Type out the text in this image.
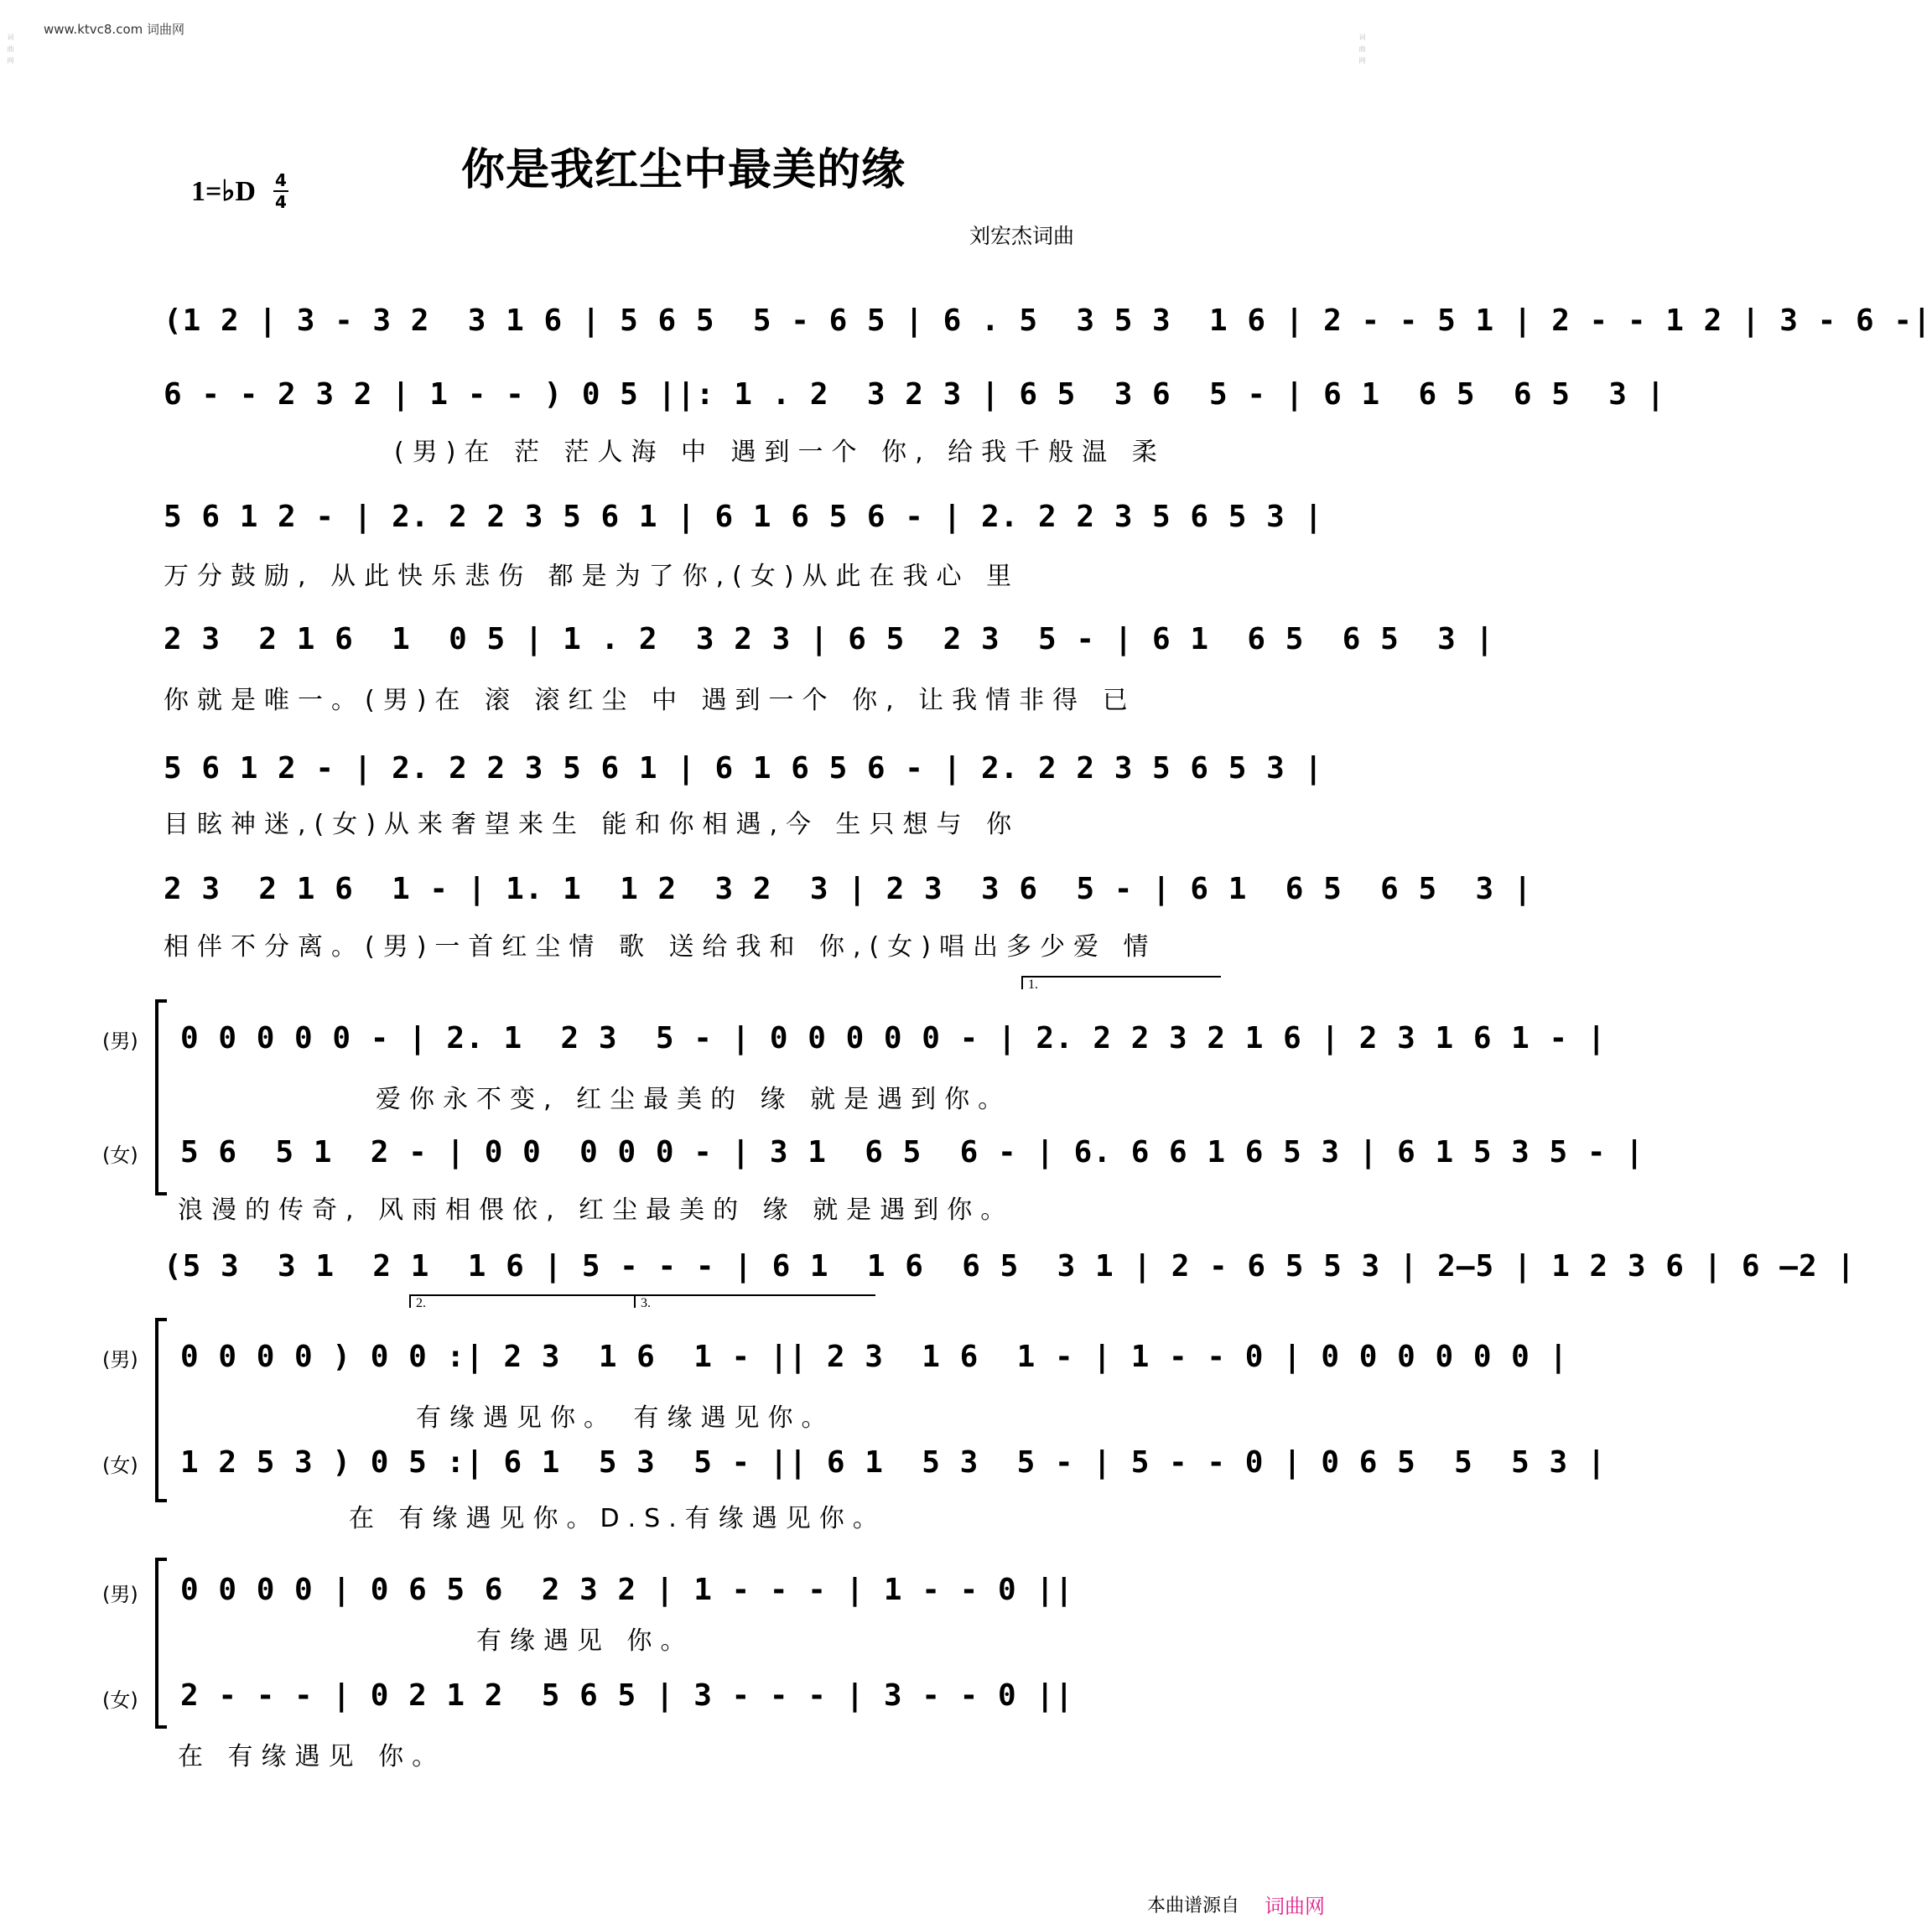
www.ktvc8.com 词曲网
词曲网	词曲网
你是我红尘中最美的缘
1=♭D 4
4
刘宏杰词曲
(1 2 | 3 - 3 2  3 1 6 | 5 6 5  5 - 6 5 | 6 . 5  3 5 3  1 6 | 2 - - 5 1 | 2 - - 1 2 | 3 - 6 -|
6 - - 2 3 2 | 1 - - ) 0 5 ||: 1 . 2  3 2 3 | 6 5  3 6  5 - | 6 1  6 5  6 5  3 |
(男)在 茫 茫人海 中 遇到一个 你, 给我千般温 柔
5 6 1 2 - | 2. 2 2 3 5 6 1 | 6 1 6 5 6 - | 2. 2 2 3 5 6 5 3 |
万分鼓励, 从此快乐悲伤 都是为了你,(女)从此在我心 里
2 3  2 1 6  1  0 5 | 1 . 2  3 2 3 | 6 5  2 3  5 - | 6 1  6 5  6 5  3 |
你就是唯一。(男)在 滚 滚红尘 中 遇到一个 你, 让我情非得 已
5 6 1 2 - | 2. 2 2 3 5 6 1 | 6 1 6 5 6 - | 2. 2 2 3 5 6 5 3 |
目眩神迷,(女)从来奢望来生 能和你相遇,今 生只想与 你
2 3  2 1 6  1 - | 1. 1  1 2  3 2  3 | 2 3  3 6  5 - | 6 1  6 5  6 5  3 |
相伴不分离。(男)一首红尘情 歌 送给我和 你,(女)唱出多少爱 情
1.
(男) 0 0 0 0 0 - | 2. 1  2 3  5 - | 0 0 0 0 0 - | 2. 2 2 3 2 1 6 | 2 3 1 6 1 - |
爱你永不变, 红尘最美的 缘 就是遇到你。
(女) 5 6  5 1  2 - | 0 0  0 0 0 - | 3 1  6 5  6 - | 6. 6 6 1 6 5 3 | 6 1 5 3 5 - |
浪漫的传奇, 风雨相偎依, 红尘最美的 缘 就是遇到你。
(5 3  3 1  2 1  1 6 | 5 - - - | 6 1  1 6  6 5  3 1 | 2 - 6 5 5 3 | 2—5 | 1 2 3 6 | 6 —2 |
2.	3.
(男) 0 0 0 0 ) 0 0 :| 2 3  1 6  1 - || 2 3  1 6  1 - | 1 - - 0 | 0 0 0 0 0 0 |
有缘遇见你。 有缘遇见你。
(女) 1 2 5 3 ) 0 5 :| 6 1  5 3  5 - || 6 1  5 3  5 - | 5 - - 0 | 0 6 5  5  5 3 |
在 有缘遇见你。D.S.有缘遇见你。
(男) 0 0 0 0 | 0 6 5 6  2 3 2 | 1 - - - | 1 - - 0 ||
有缘遇见 你。
(女) 2 - - - | 0 2 1 2  5 6 5 | 3 - - - | 3 - - 0 ||
在 有缘遇见 你。
本曲谱源自 词曲网
